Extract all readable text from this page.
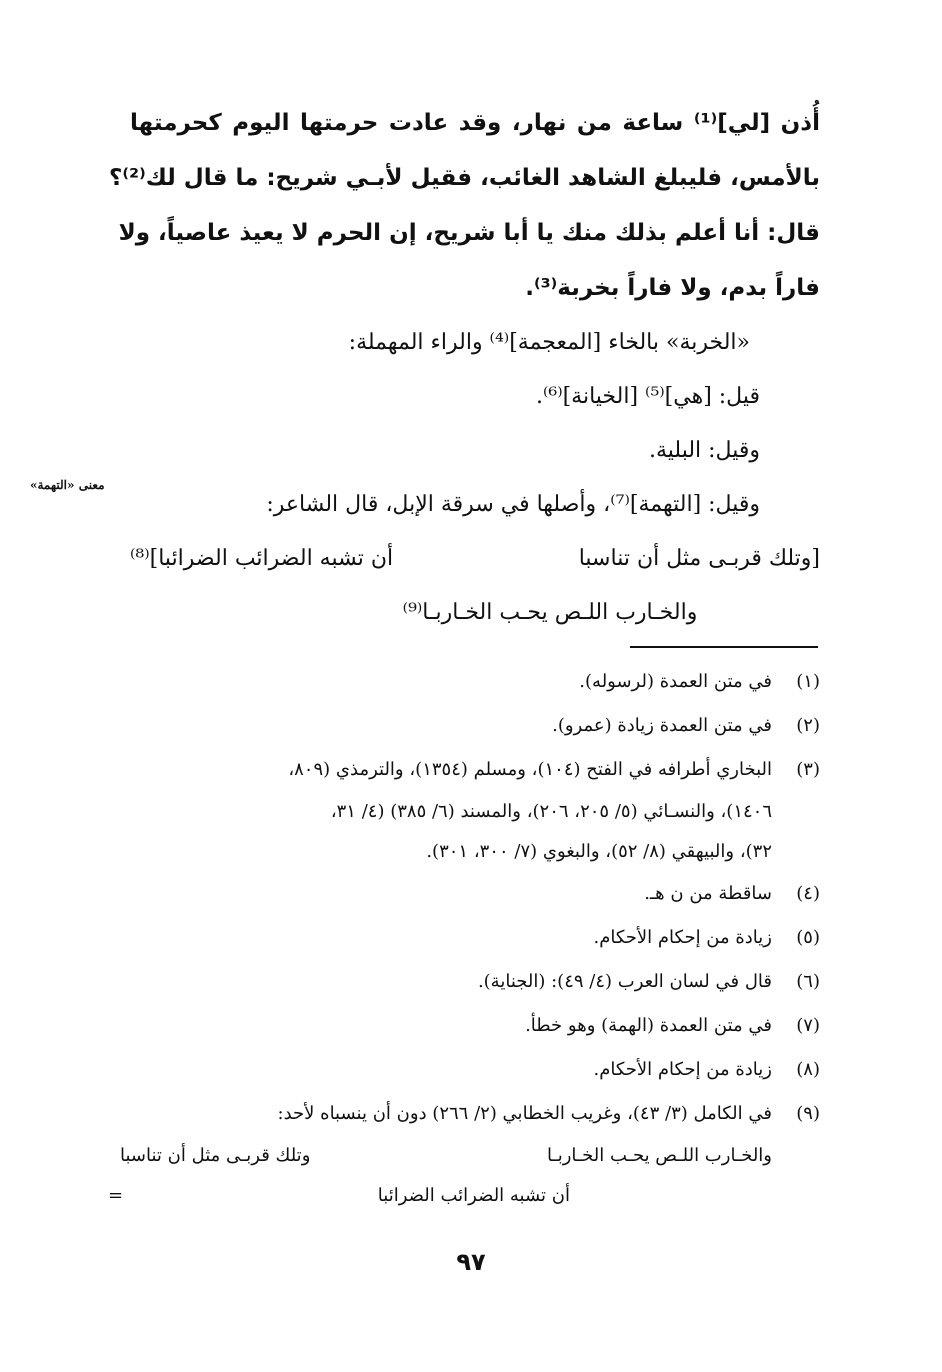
أُذن [لي]⁽¹⁾ ساعة من نهار، وقد عادت حرمتها اليوم كحرمتها
بالأمس، فليبلغ الشاهد الغائب، فقيل لأبـي شريح: ما قال لك⁽²⁾؟
قال: أنا أعلم بذلك منك يا أبا شريح، إن الحرم لا يعيذ عاصياً، ولا
فاراً بدم، ولا فاراً بخربة⁽³⁾.
«الخربة» بالخاء [المعجمة]⁽⁴⁾ والراء المهملة:
قيل: [هي]⁽⁵⁾ [الخيانة]⁽⁶⁾.
وقيل: البلية.
وقيل: [التهمة]⁽⁷⁾، وأصلها في سرقة الإبل، قال الشاعر:
[وتلك قربـى مثل أن تناسبا
أن تشبه الضرائب الضرائبا]⁽⁸⁾
والخـارب اللـص يحـب الخـاربـا⁽⁹⁾
معنى «التهمة»
(١)
في متن العمدة (لرسوله).
(٢)
في متن العمدة زيادة (عمرو).
(٣)
البخاري أطرافه في الفتح (١٠٤)، ومسلم (١٣٥٤)، والترمذي (٨٠٩،
١٤٠٦)، والنسـائي (٥/ ٢٠٥، ٢٠٦)، والمسند (٦/ ٣٨٥) (٤/ ٣١،
٣٢)، والبيهقي (٨/ ٥٢)، والبغوي (٧/ ٣٠٠، ٣٠١).
(٤)
ساقطة من ن هـ.
(٥)
زيادة من إحكام الأحكام.
(٦)
قال في لسان العرب (٤/ ٤٩): (الجناية).
(٧)
في متن العمدة (الهمة) وهو خطأ.
(٨)
زيادة من إحكام الأحكام.
(٩)
في الكامل (٣/ ٤٣)، وغريب الخطابي (٢/ ٢٦٦) دون أن ينسباه لأحد:
والخـارب اللـص يحـب الخـاربـا
وتلك قربـى مثل أن تناسبا
أن تشبه الضرائب الضرائبا
=
٩٧
